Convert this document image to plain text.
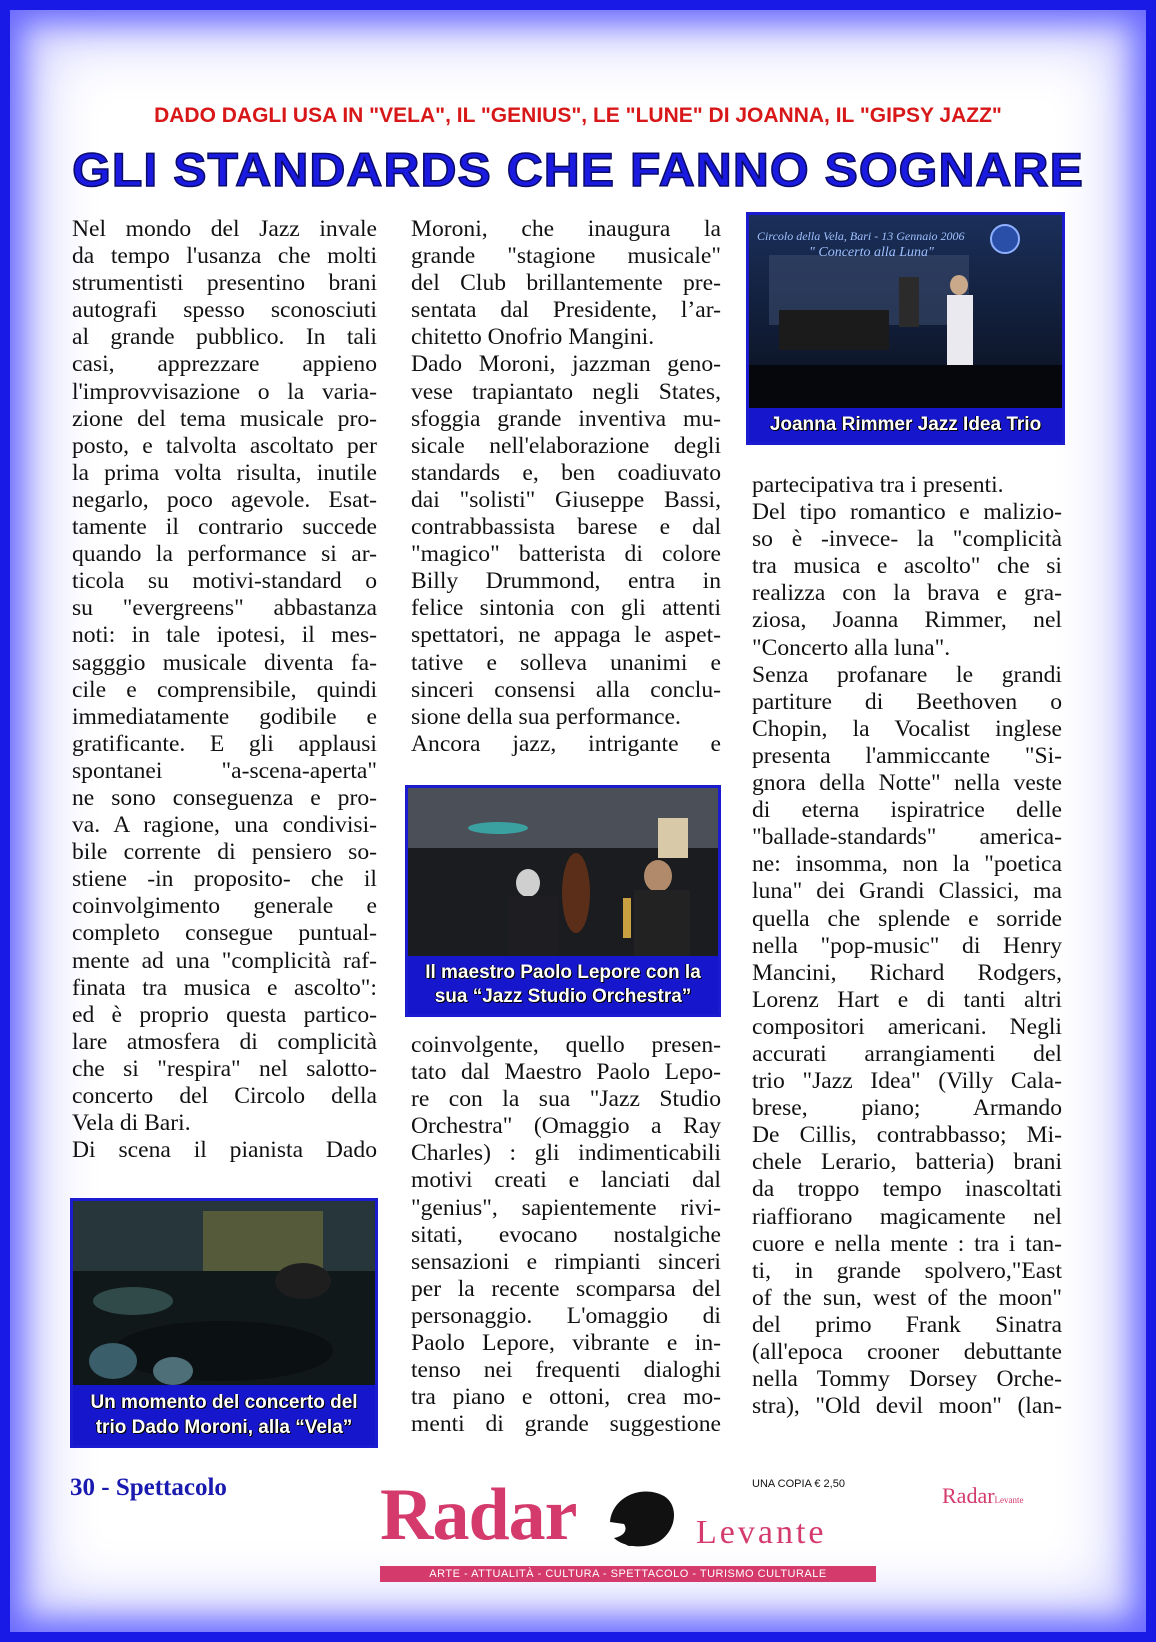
DADO DAGLI USA IN "VELA", IL "GENIUS", LE "LUNE" DI JOANNA, IL "GIPSY JAZZ"
GLI STANDARDS CHE FANNO SOGNARE

Nel mondo del Jazz invale

da tempo l'usanza che molti

strumentisti presentino brani

autografi spesso sconosciuti

al grande pubblico. In tali

casi, apprezzare appieno

l'improvvisazione o la varia-

zione del tema musicale pro-

posto, e talvolta ascoltato per

la prima volta risulta, inutile

negarlo, poco agevole. Esat-

tamente il contrario succede

quando la performance si ar-

ticola su motivi-standard o

su "evergreens" abbastanza

noti: in tale ipotesi, il mes-

sagggio musicale diventa fa-

cile e comprensibile, quindi

immediatamente godibile e

gratificante. E gli applausi

spontanei "a-scena-aperta"

ne sono conseguenza e pro-

va. A ragione, una condivisi-

bile corrente di pensiero so-

stiene -in proposito- che il

coinvolgimento generale e

completo consegue puntual-

mente ad una "complicità raf-

finata tra musica e ascolto":

ed è proprio questa partico-

lare atmosfera di complicità

che si "respira" nel salotto-

concerto del Circolo della

Vela di Bari.

Di scena il pianista Dado

Moroni, che inaugura la

grande "stagione musicale"

del Club brillantemente pre-

sentata dal Presidente, l’ar-

chitetto Onofrio Mangini.

Dado Moroni, jazzman geno-

vese trapiantato negli States,

sfoggia grande inventiva mu-

sicale nell'elaborazione degli

standards e, ben coadiuvato

dai "solisti" Giuseppe Bassi,

contrabbassista barese e dal

"magico" batterista di colore

Billy Drummond, entra in

felice sintonia con gli attenti

spettatori, ne appaga le aspet-

tative e solleva unanimi e

sinceri consensi alla conclu-

sione della sua performance.

Ancora jazz, intrigante e

coinvolgente, quello presen-

tato dal Maestro Paolo Lepo-

re con la sua "Jazz Studio

Orchestra" (Omaggio a Ray

Charles) : gli indimenticabili

motivi creati e lanciati dal

"genius", sapientemente rivi-

sitati, evocano nostalgiche

sensazioni e rimpianti sinceri

per la recente scomparsa del

personaggio. L'omaggio di

Paolo Lepore, vibrante e in-

tenso nei frequenti dialoghi

tra piano e ottoni, crea mo-

menti di grande suggestione

partecipativa tra i presenti.

Del tipo romantico e malizio-

so è -invece- la "complicità

tra musica e ascolto" che si

realizza con la brava e gra-

ziosa, Joanna Rimmer, nel

"Concerto alla luna".

Senza profanare le grandi

partiture di Beethoven o

Chopin, la Vocalist inglese

presenta l'ammiccante "Si-

gnora della Notte" nella veste

di eterna ispiratrice delle

"ballade-standards" america-

ne: insomma, non la "poetica

luna" dei Grandi Classici, ma

quella che splende e sorride

nella "pop-music" di Henry

Mancini, Richard Rodgers,

Lorenz Hart e di tanti altri

compositori americani. Negli

accurati arrangiamenti del

trio "Jazz Idea" (Villy Cala-

brese, piano; Armando

De Cillis, contrabbasso; Mi-

chele Lerario, batteria) brani

da troppo tempo inascoltati

riaffiorano magicamente nel

cuore e nella mente : tra i tan-

ti, in grande spolvero,"East

of the sun, west of the moon"

del primo Frank Sinatra

(all'epoca crooner debuttante

nella Tommy Dorsey Orche-

stra), "Old devil moon" (lan-

Circolo della Vela, Bari - 13 Gennaio 2006
" Concerto alla Luna"
Joanna Rimmer Jazz Idea Trio
Il maestro Paolo Lepore con la
sua “Jazz Studio Orchestra”
Un momento del concerto del
trio Dado Moroni, alla “Vela”
30 - Spettacolo Radar	Levante
ARTE - ATTUALITÀ - CULTURA - SPETTACOLO - TURISMO CULTURALE
UNA COPIA € 2,50	RadarLevante
